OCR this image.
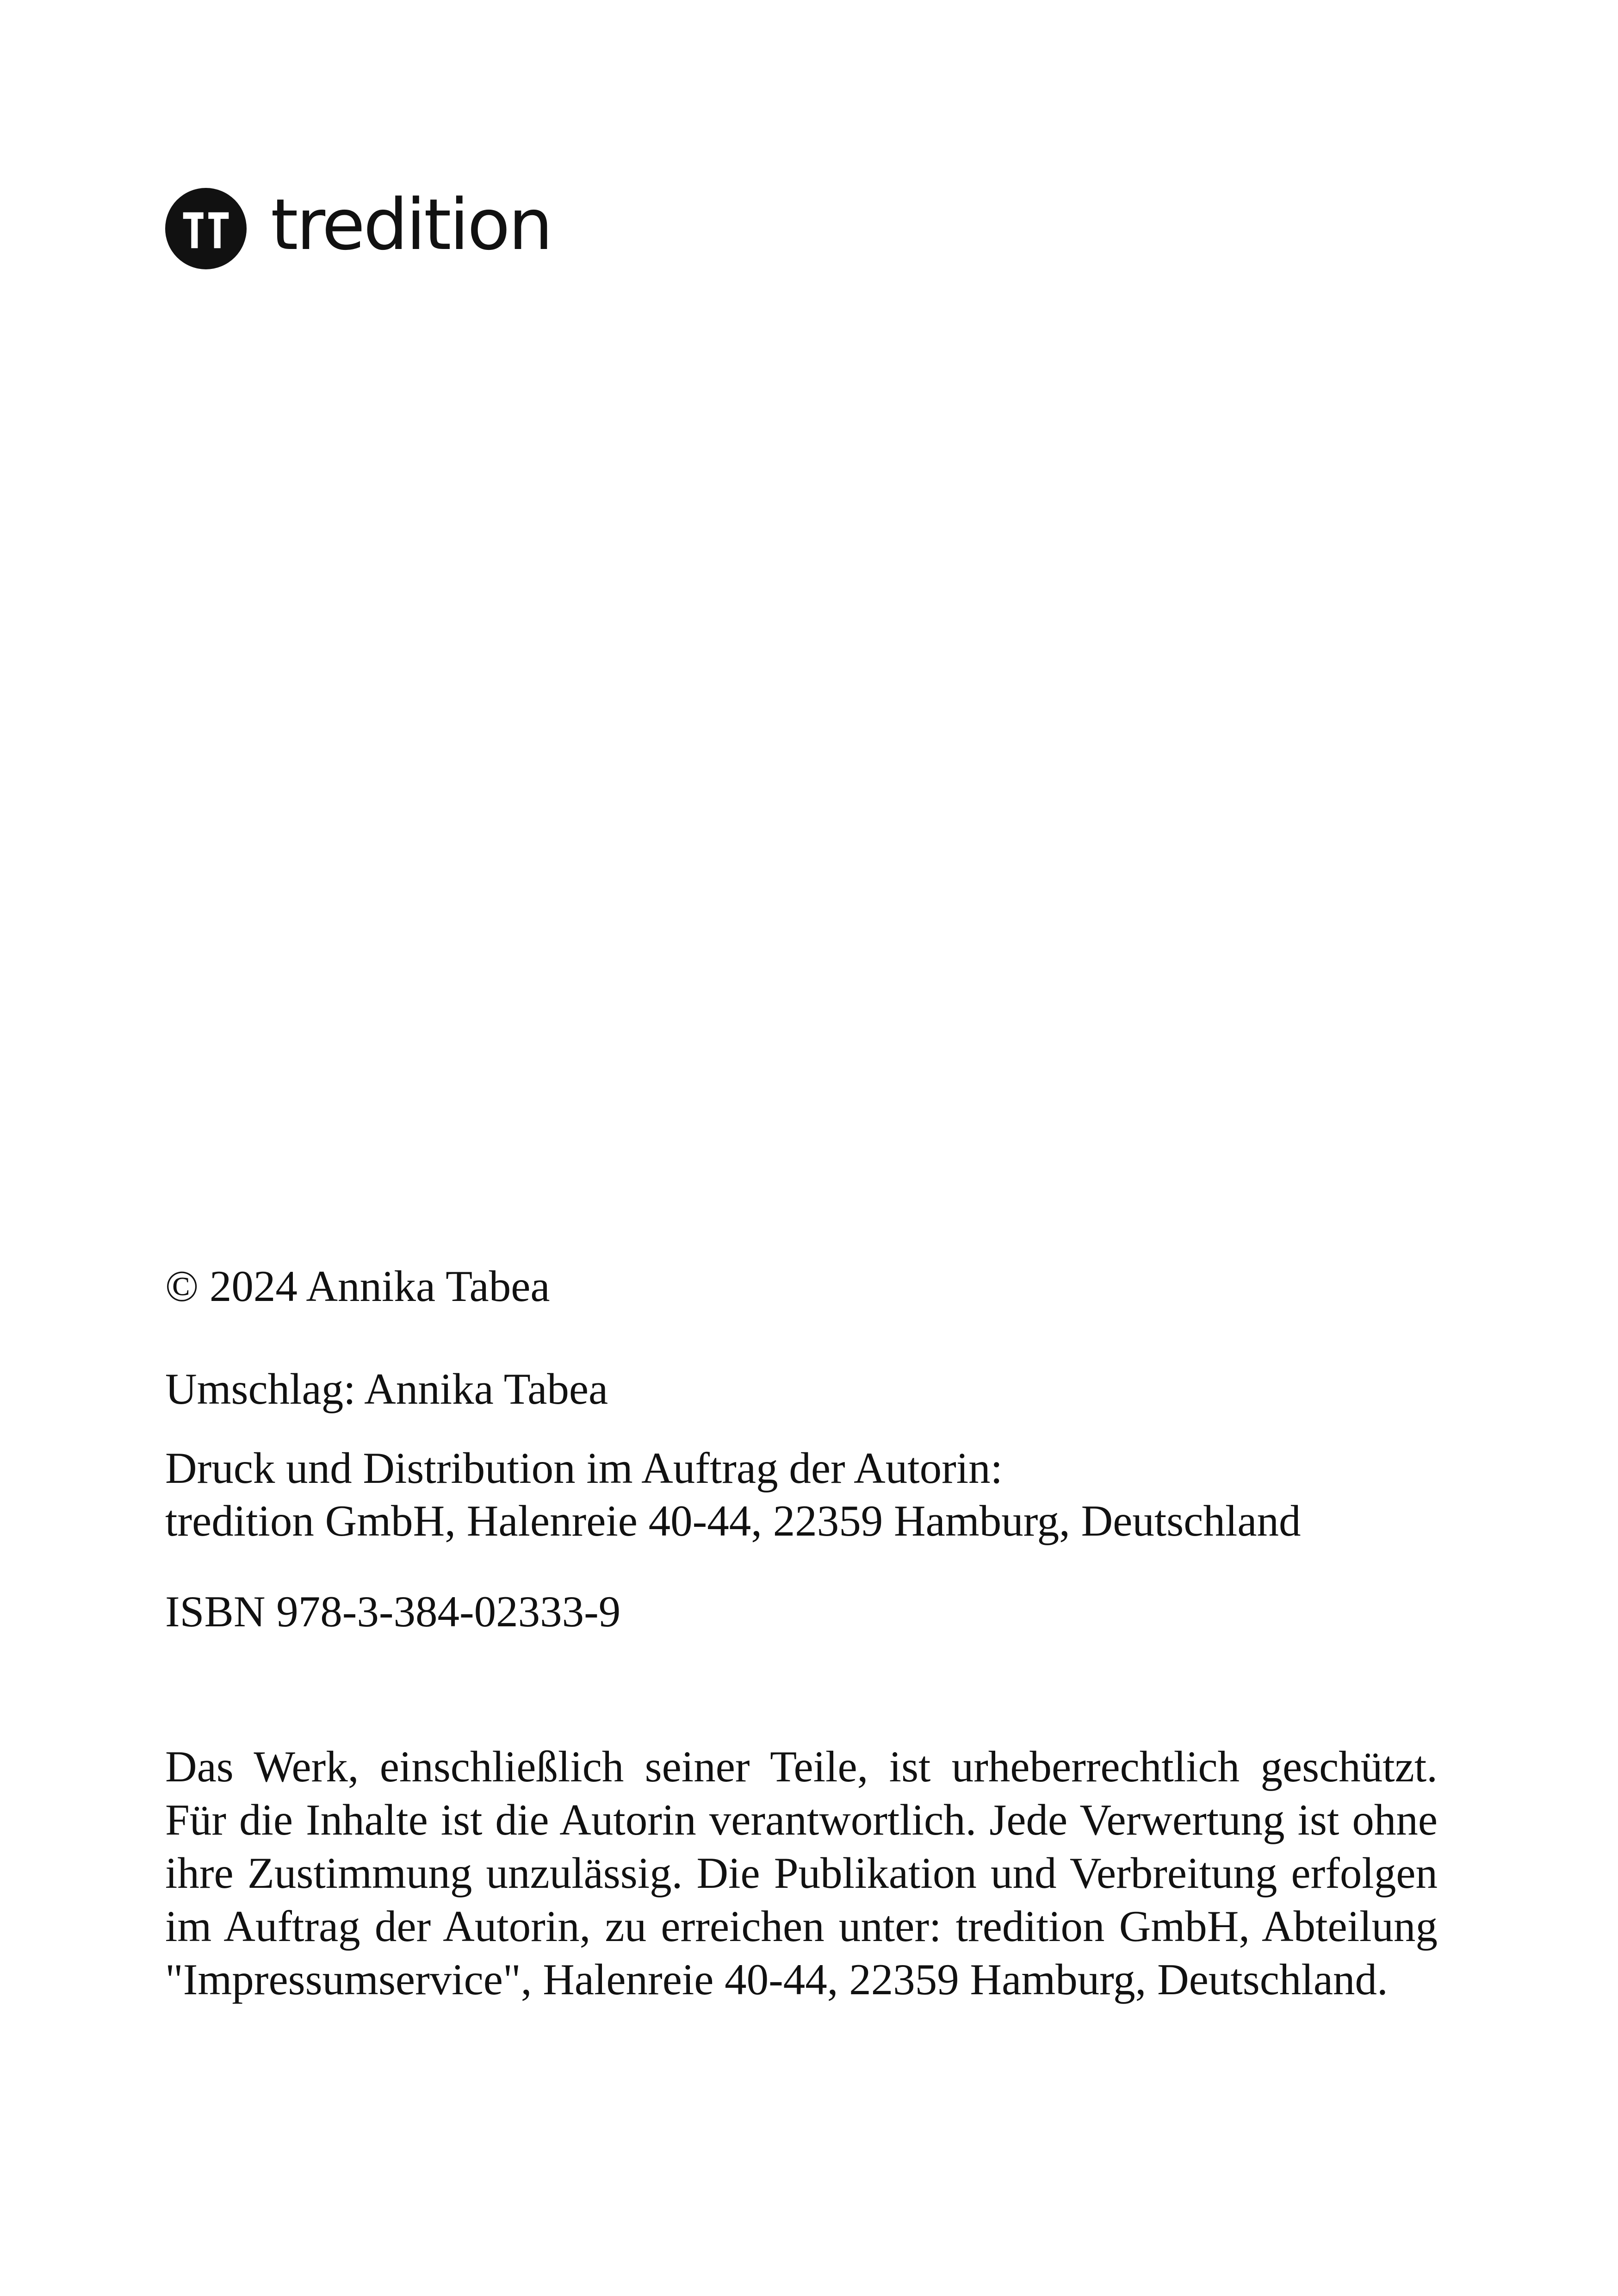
tredition

© 2024 Annika Tabea

Umschlag: Annika Tabea

Druck und Distribution im Auftrag der Autorin:
tredition GmbH, Halenreie 40-44, 22359 Hamburg, Deutschland

ISBN 978-3-384-02333-9

Das Werk, einschließlich seiner Teile, ist urheberrechtlich geschützt. Für die Inhalte ist die Autorin verantwortlich. Jede Verwertung ist ohne ihre Zustimmung unzulässig. Die Publikation und Verbreitung erfolgen im Auftrag der Autorin, zu erreichen unter: tredition GmbH, Abteilung "Impressumservice", Halenreie 40-44, 22359 Hamburg, Deutschland.
